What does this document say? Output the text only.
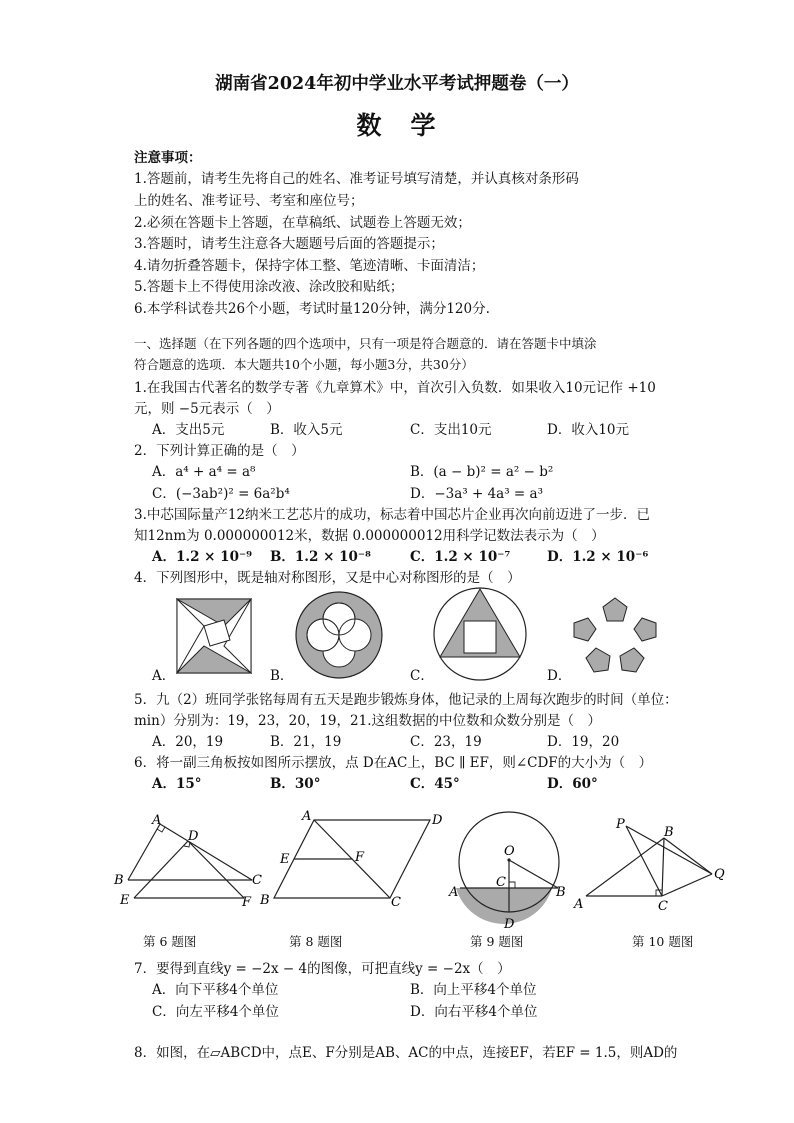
湖南省2024年初中学业水平考试押题卷（一）
数　学
注意事项：
1.答题前，请考生先将自己的姓名、准考证号填写清楚，并认真核对条形码
上的姓名、准考证号、考室和座位号；
2.必须在答题卡上答题，在草稿纸、试题卷上答题无效；
3.答题时，请考生注意各大题题号后面的答题提示；
4.请勿折叠答题卡，保持字体工整、笔迹清晰、卡面清洁；
5.答题卡上不得使用涂改液、涂改胶和贴纸；
6.本学科试卷共26个小题，考试时量120分钟，满分120分.
一、选择题（在下列各题的四个选项中，只有一项是符合题意的．请在答题卡中填涂
符合题意的选项．本大题共10个小题，每小题3分，共30分）
1.在我国古代著名的数学专著《九章算术》中，首次引入负数．如果收入10元记作 +10
元，则 −5元表示（　）
A．支出5元	B．收入5元	C．支出10元	D．收入10元
2．下列计算正确的是（　）
A．a⁴ + a⁴ = a⁸	B．(a − b)² = a² − b²
C．(−3ab²)² = 6a²b⁴	D．−3a³ + 4a³ = a³
3.中芯国际量产12纳米工艺芯片的成功，标志着中国芯片企业再次向前迈进了一步．已
知12nm为 0.000000012米，数据 0.000000012用科学记数法表示为（　）
A．1.2 × 10⁻⁹ B．1.2 × 10⁻⁸	C．1.2 × 10⁻⁷	D．1.2 × 10⁻⁶
4．下列图形中，既是轴对称图形，又是中心对称图形的是（　）
A．	B．	C．	D．
5．九（2）班同学张铭每周有五天是跑步锻炼身体，他记录的上周每次跑步的时间（单位：
min）分别为：19，23，20，19，21.这组数据的中位数和众数分别是（　）
A．20，19	B．21，19	C．23，19	D．19，20
6．将一副三角板按如图所示摆放，点 D在AC上，BC ∥ EF，则∠CDF的大小为（　）
A．15°	B．30°	C．45°	D．60°
A
D
B	C
E	F
A	D
E	F
B	C
O
C
A	B
D
P
B
Q
A	C
第 6 题图	第 8 题图	第 9 题图	第 10 题图
7．要得到直线y = −2x − 4的图像，可把直线y = −2x（　）
A．向下平移4个单位	B．向上平移4个单位
C．向左平移4个单位	D．向右平移4个单位
8．如图，在▱ABCD中，点E、F分别是AB、AC的中点，连接EF，若EF = 1.5，则AD的
